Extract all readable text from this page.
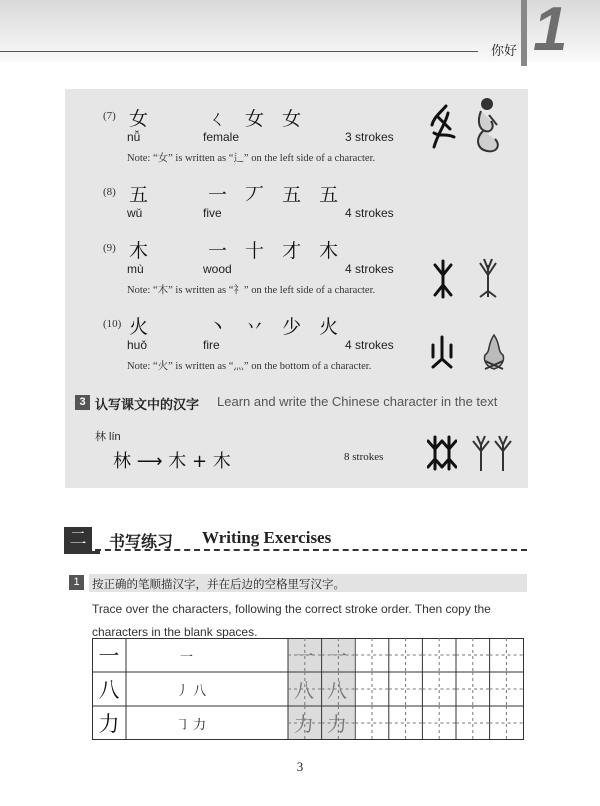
你好 1
(7) 女	ㄑ 女 女
nǚ	female	3 strokes
Note: “女” is written as “⻍” on the left side of a character.
(8) 五	一 丆 五 五
wǔ	five	4 strokes
(9) 木	一 十 才 木
mù	wood	4 strokes
Note: “木” is written as “礻” on the left side of a character.
(10) 火	丶 丷 少 火
huǒ	fire	4 strokes
Note: “火” is written as “灬” on the bottom of a character.
3 认写课文中的汉字 Learn and write the Chinese character in the text
林 lín
林 ⟶ 木 + 木	8 strokes
二	书写练习 Writing Exercises
1	按正确的笔顺描汉字，并在后边的空格里写汉字。
Trace over the characters, following the correct stroke order. Then copy the characters in the blank spaces.
一	一	一 一
八	丿 八	八 八
力	㇆ 力	力 力
3
